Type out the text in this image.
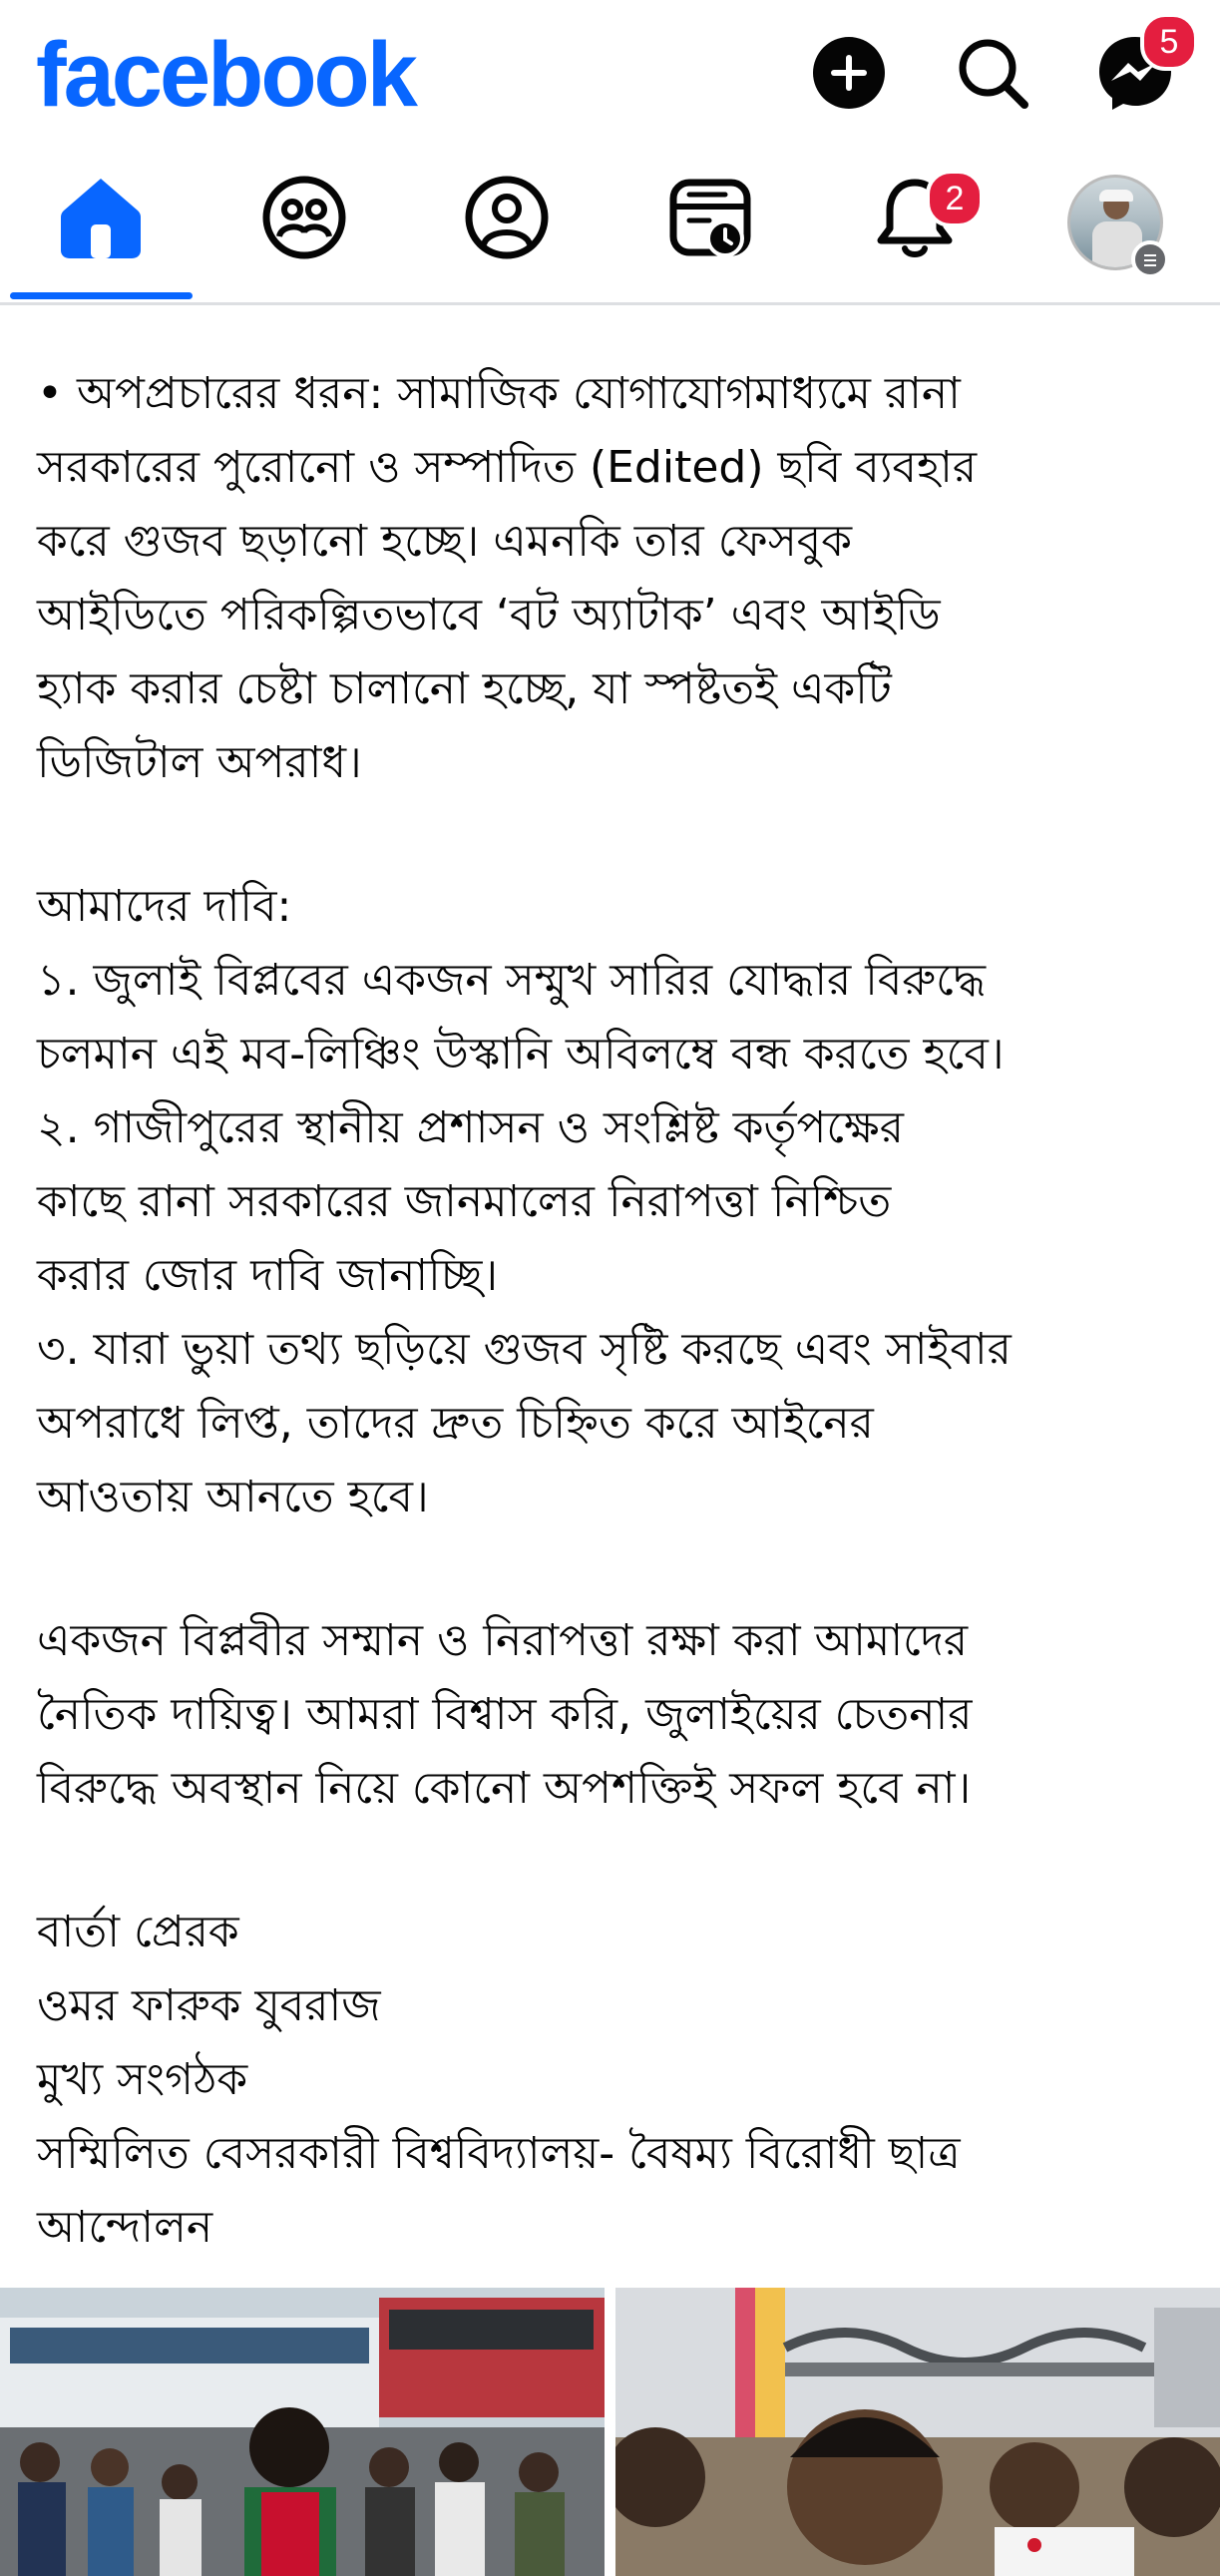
facebook	5
2
• অপপ্রচারের ধরন: সামাজিক যোগাযোগমাধ্যমে রানা
সরকারের পুরোনো ও সম্পাদিত (Edited) ছবি ব্যবহার
করে গুজব ছড়ানো হচ্ছে। এমনকি তার ফেসবুক
আইডিতে পরিকল্পিতভাবে ‘বট অ্যাটাক’ এবং আইডি
হ্যাক করার চেষ্টা চালানো হচ্ছে, যা স্পষ্টতই একটি
ডিজিটাল অপরাধ।
আমাদের দাবি:
১. জুলাই বিপ্লবের একজন সম্মুখ সারির যোদ্ধার বিরুদ্ধে
চলমান এই মব-লিঞ্চিং উস্কানি অবিলম্বে বন্ধ করতে হবে।
২. গাজীপুরের স্থানীয় প্রশাসন ও সংশ্লিষ্ট কর্তৃপক্ষের
কাছে রানা সরকারের জানমালের নিরাপত্তা নিশ্চিত
করার জোর দাবি জানাচ্ছি।
৩. যারা ভুয়া তথ্য ছড়িয়ে গুজব সৃষ্টি করছে এবং সাইবার
অপরাধে লিপ্ত, তাদের দ্রুত চিহ্নিত করে আইনের
আওতায় আনতে হবে।
একজন বিপ্লবীর সম্মান ও নিরাপত্তা রক্ষা করা আমাদের
নৈতিক দায়িত্ব। আমরা বিশ্বাস করি, জুলাইয়ের চেতনার
বিরুদ্ধে অবস্থান নিয়ে কোনো অপশক্তিই সফল হবে না।
বার্তা প্রেরক
ওমর ফারুক যুবরাজ
মুখ্য সংগঠক
সম্মিলিত বেসরকারী বিশ্ববিদ্যালয়- বৈষম্য বিরোধী ছাত্র
আন্দোলন
